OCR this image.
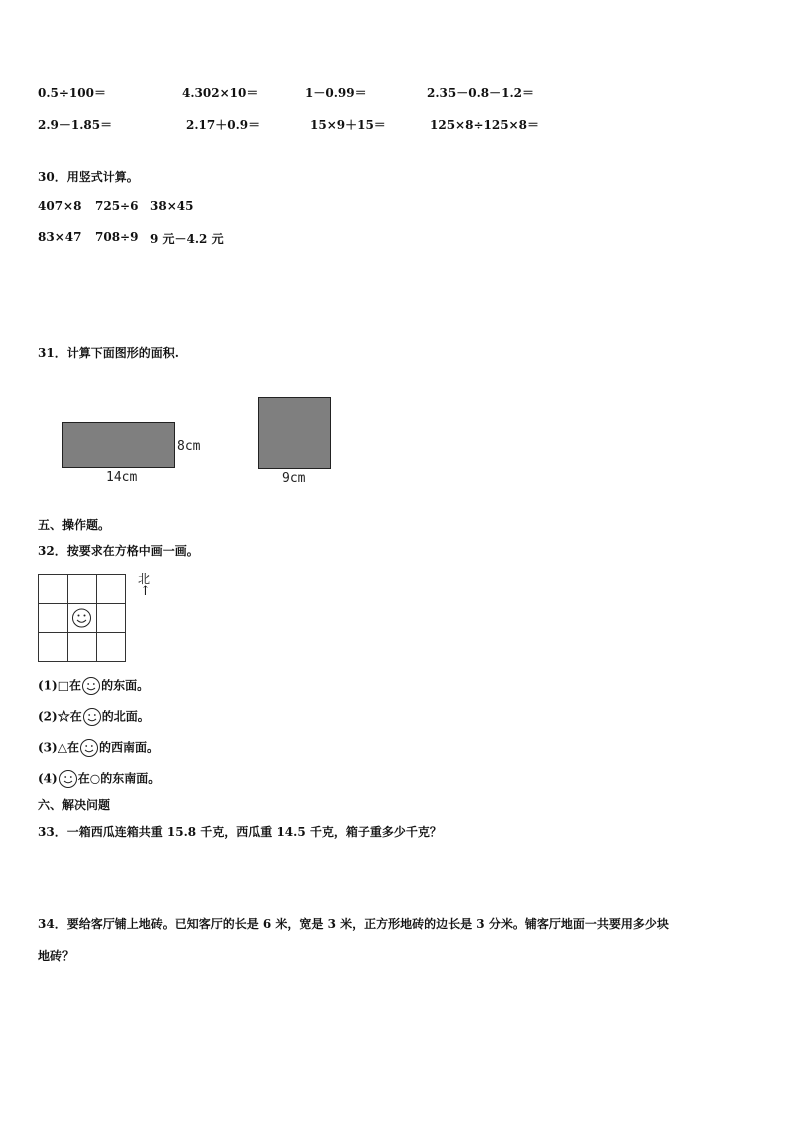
0.5÷100＝	4.302×10＝	1－0.99＝	2.35－0.8－1.2＝
2.9－1.85＝	2.17＋0.9＝	15×9＋15＝	125×8÷125×8＝
30．用竖式计算。
407×8 725÷6 38×45
83×47 708÷9 9 元－4.2 元
31．计算下面图形的面积.
8cm
14cm	9cm
五、操作题。
32．按要求在方格中画一画。
北
↑
(1)□在 的东面。
(2)☆在 的北面。
(3)△在 的西南面。
(4) 在○的东南面。
六、解决问题
33．一箱西瓜连箱共重 15.8 千克，西瓜重 14.5 千克，箱子重多少千克？
34．要给客厅铺上地砖。已知客厅的长是 6 米，宽是 3 米，正方形地砖的边长是 3 分米。铺客厅地面一共要用多少块
地砖？
